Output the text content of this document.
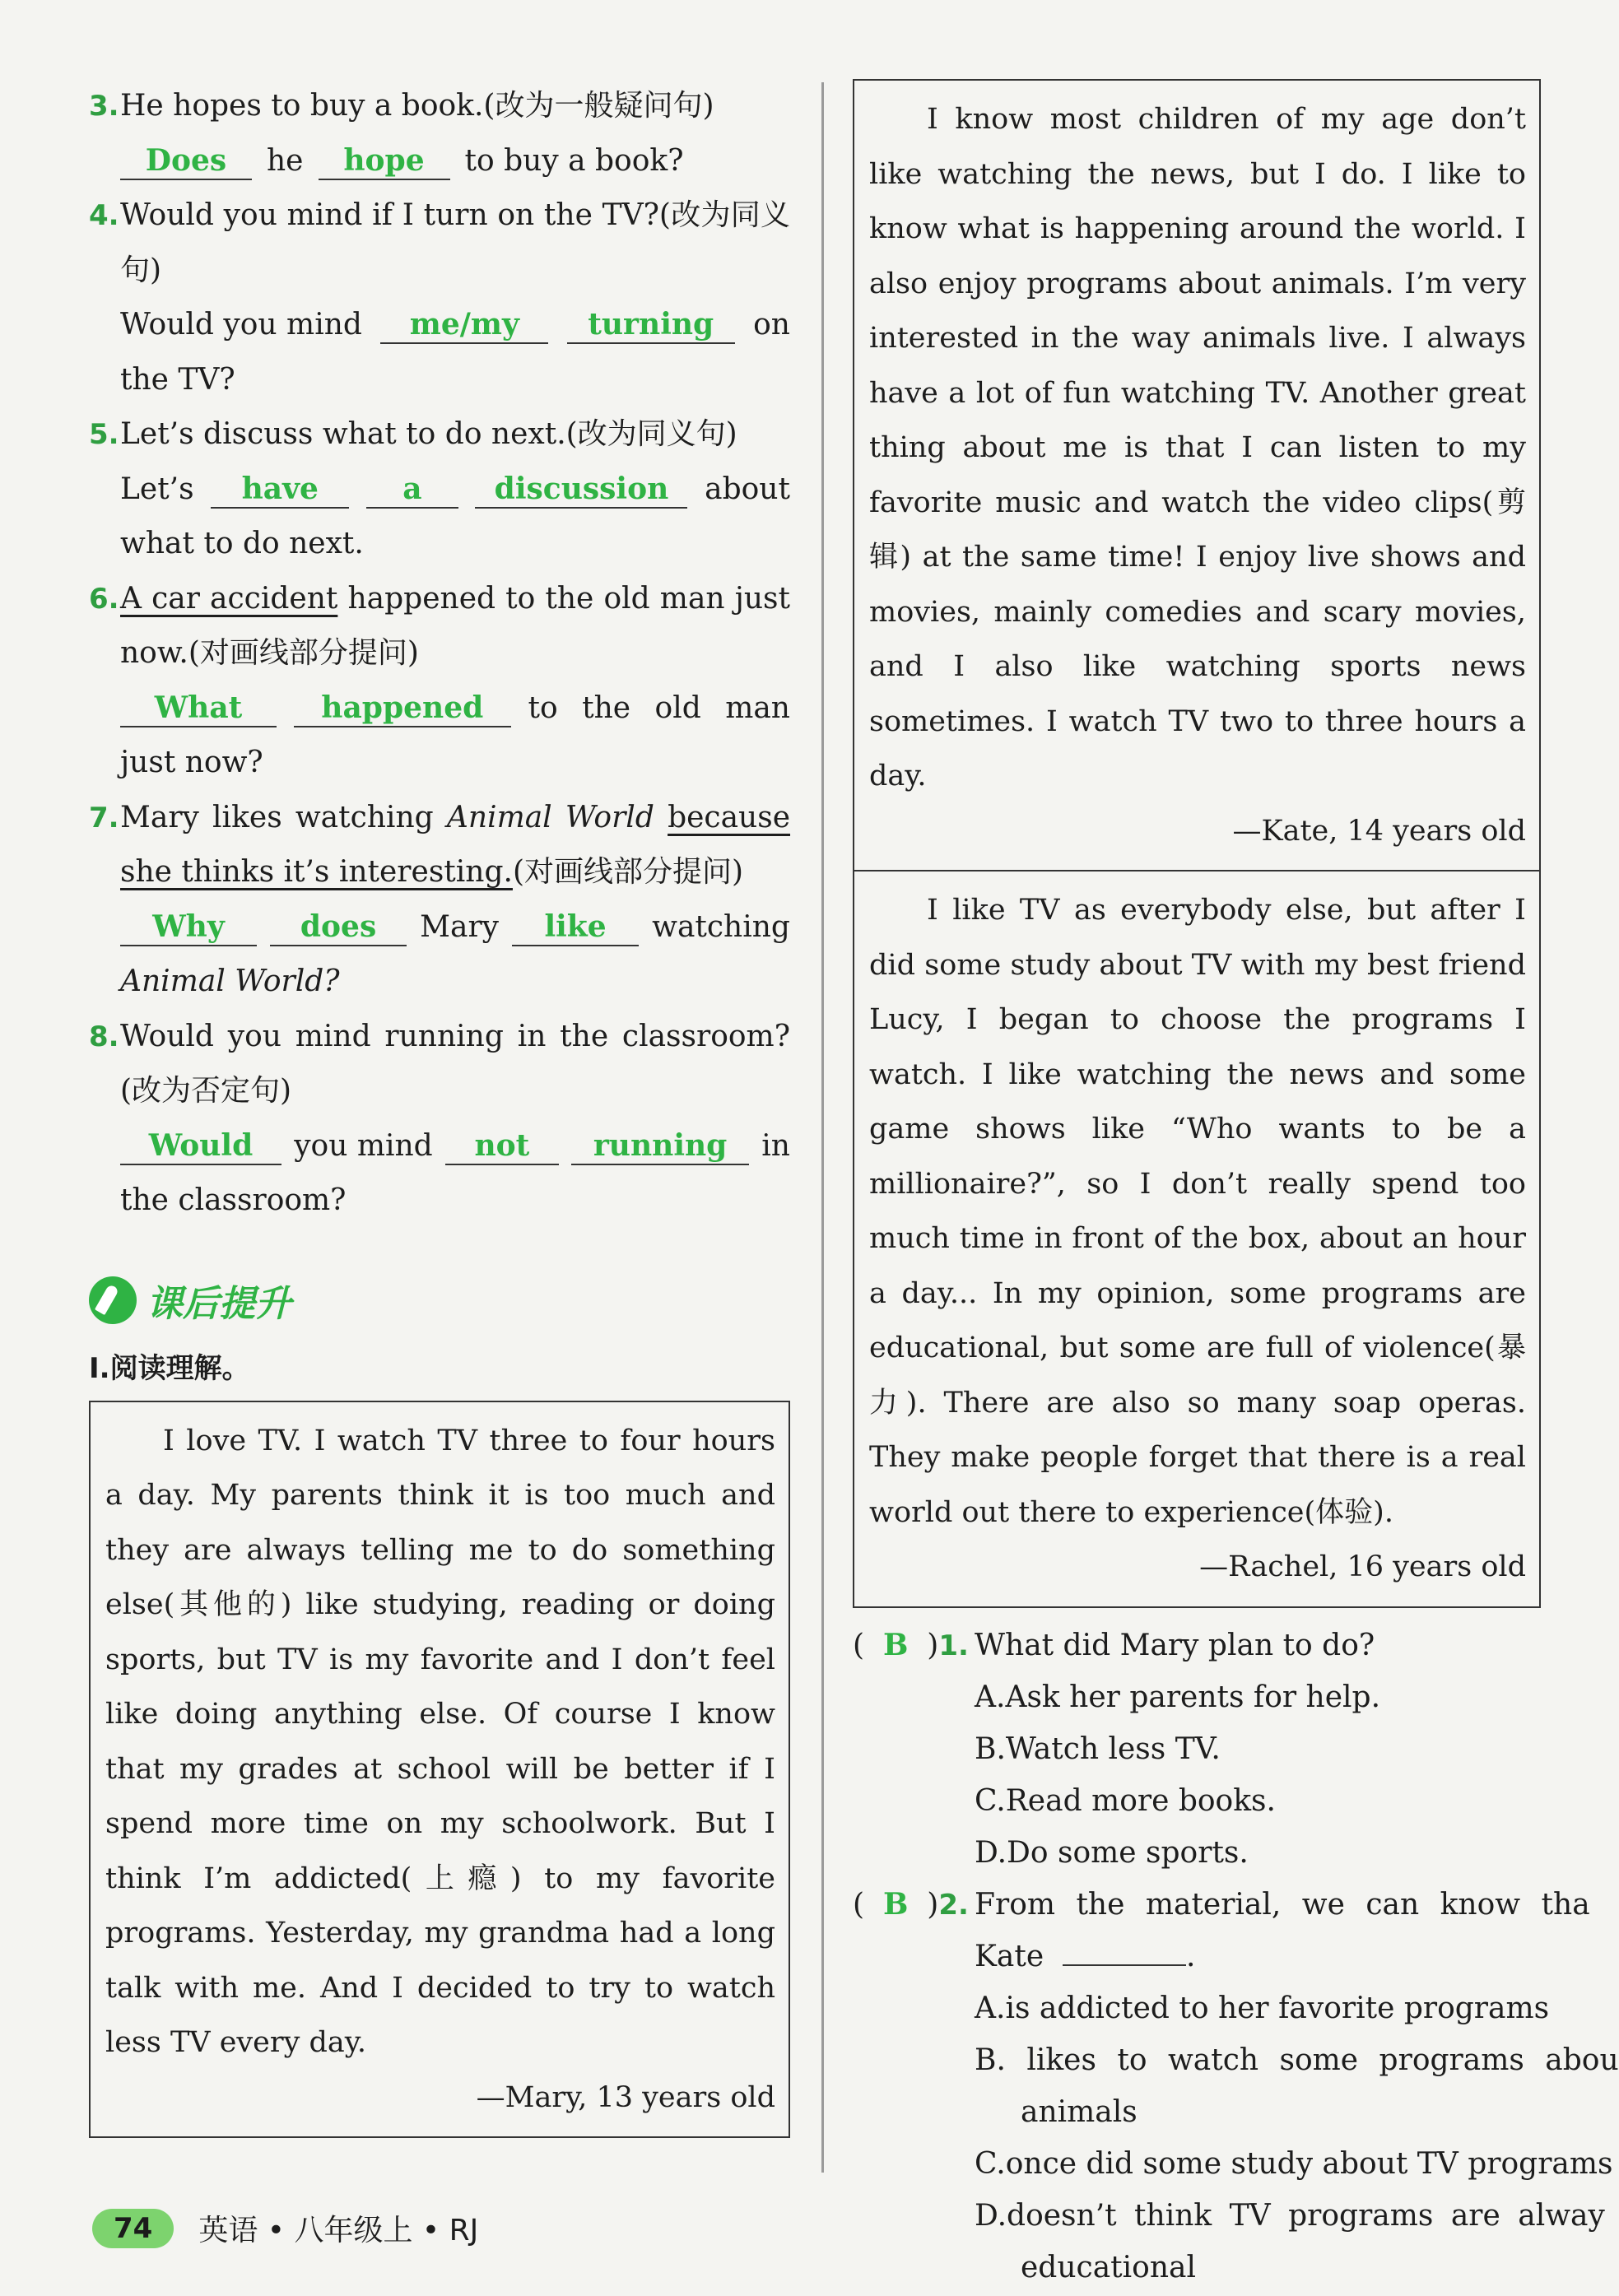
3. He hopes to buy a book.(改为一般疑问句)
Does	he	hope	to buy a book?
4. Would you mind if I turn on the TV?(改为同义句)
Would you mind	me/my	turning	on
the TV?
5. Let’s discuss what to do next.(改为同义句)
Let’s	have	a	discussion	about
what to do next.
6. A car accident happened to the old man just now.(对画线部分提问)
What	happened	to the old man
just now?
7. Mary likes watching Animal World because she thinks it’s interesting.(对画线部分提问)
Why	does	Mary	like	watching
Animal World?
8. Would you mind running in the classroom?(改为否定句)
Would	you mind	not	running	in
the classroom?
课后提升
Ⅰ.阅读理解。

I love TV. I watch TV three to four hours a day. My parents think it is too much and they are always telling me to do something else(其他的) like studying, reading or doing sports, but TV is my favorite and I don’t feel like doing anything else. Of course I know that my grades at school will be better if I spend more time on my schoolwork. But I think I’m addicted(上瘾) to my favorite programs. Yesterday, my grandma had a long talk with me. And I decided to try to watch less TV every day.

—Mary, 13 years old

I know most children of my age don’t like watching the news, but I do. I like to know what is happening around the world. I also enjoy programs about animals. I’m very interested in the way animals live. I always have a lot of fun watching TV. Another great thing about me is that I can listen to my favorite music and watch the video clips(剪辑) at the same time! I enjoy live shows and movies, mainly comedies and scary movies, and I also like watching sports news sometimes. I watch TV two to three hours a day.

—Kate, 14 years old

I like TV as everybody else, but after I did some study about TV with my best friend Lucy, I began to choose the programs I watch. I like watching the news and some game shows like “Who wants to be a millionaire?”, so I don’t really spend too much time in front of the box, about an hour a day... In my opinion, some programs are educational, but some are full of violence(暴力). There are also so many soap operas. They make people forget that there is a real world out there to experience(体验).

—Rachel, 16 years old
(  B  )1. What did Mary plan to do?
A.Ask her parents for help.
B.Watch less TV.
C.Read more books.
D.Do some sports.
(  B  )2. From the material, we can know tha
Kate	.
A.is addicted to her favorite programs
B. likes to watch some programs abou
animals
C.once did some study about TV programs
D.doesn’t think TV programs are alway
educational
74	英语 • 八年级上 • RJ
